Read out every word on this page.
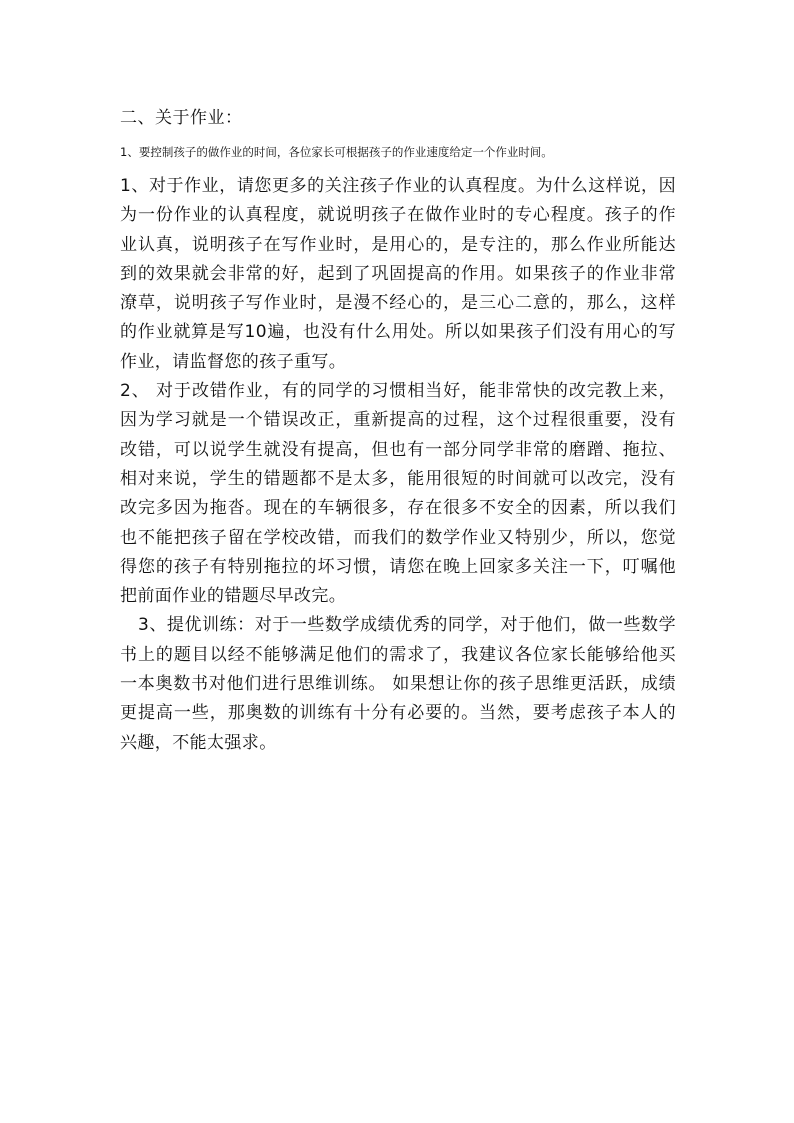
二、关于作业：

1、要控制孩子的做作业的时间，各位家长可根据孩子的作业速度给定一个作业时间。

1、对于作业，请您更多的关注孩子作业的认真程度。为什么这样说，因为一份作业的认真程度，就说明孩子在做作业时的专心程度。孩子的作业认真，说明孩子在写作业时，是用心的，是专注的，那么作业所能达到的效果就会非常的好，起到了巩固提高的作用。如果孩子的作业非常潦草，说明孩子写作业时，是漫不经心的，是三心二意的，那么，这样的作业就算是写10遍，也没有什么用处。所以如果孩子们没有用心的写作业，请监督您的孩子重写。

2、 对于改错作业，有的同学的习惯相当好，能非常快的改完教上来，因为学习就是一个错误改正，重新提高的过程，这个过程很重要，没有改错，可以说学生就没有提高，但也有一部分同学非常的磨蹭、拖拉、相对来说，学生的错题都不是太多，能用很短的时间就可以改完，没有改完多因为拖沓。现在的车辆很多，存在很多不安全的因素，所以我们也不能把孩子留在学校改错，而我们的数学作业又特别少，所以，您觉得您的孩子有特别拖拉的坏习惯，请您在晚上回家多关注一下，叮嘱他把前面作业的错题尽早改完。

3、提优训练：对于一些数学成绩优秀的同学，对于他们，做一些数学书上的题目以经不能够满足他们的需求了，我建议各位家长能够给他买一本奥数书对他们进行思维训练。 如果想让你的孩子思维更活跃，成绩更提高一些，那奥数的训练有十分有必要的。当然，要考虑孩子本人的兴趣，不能太强求。
